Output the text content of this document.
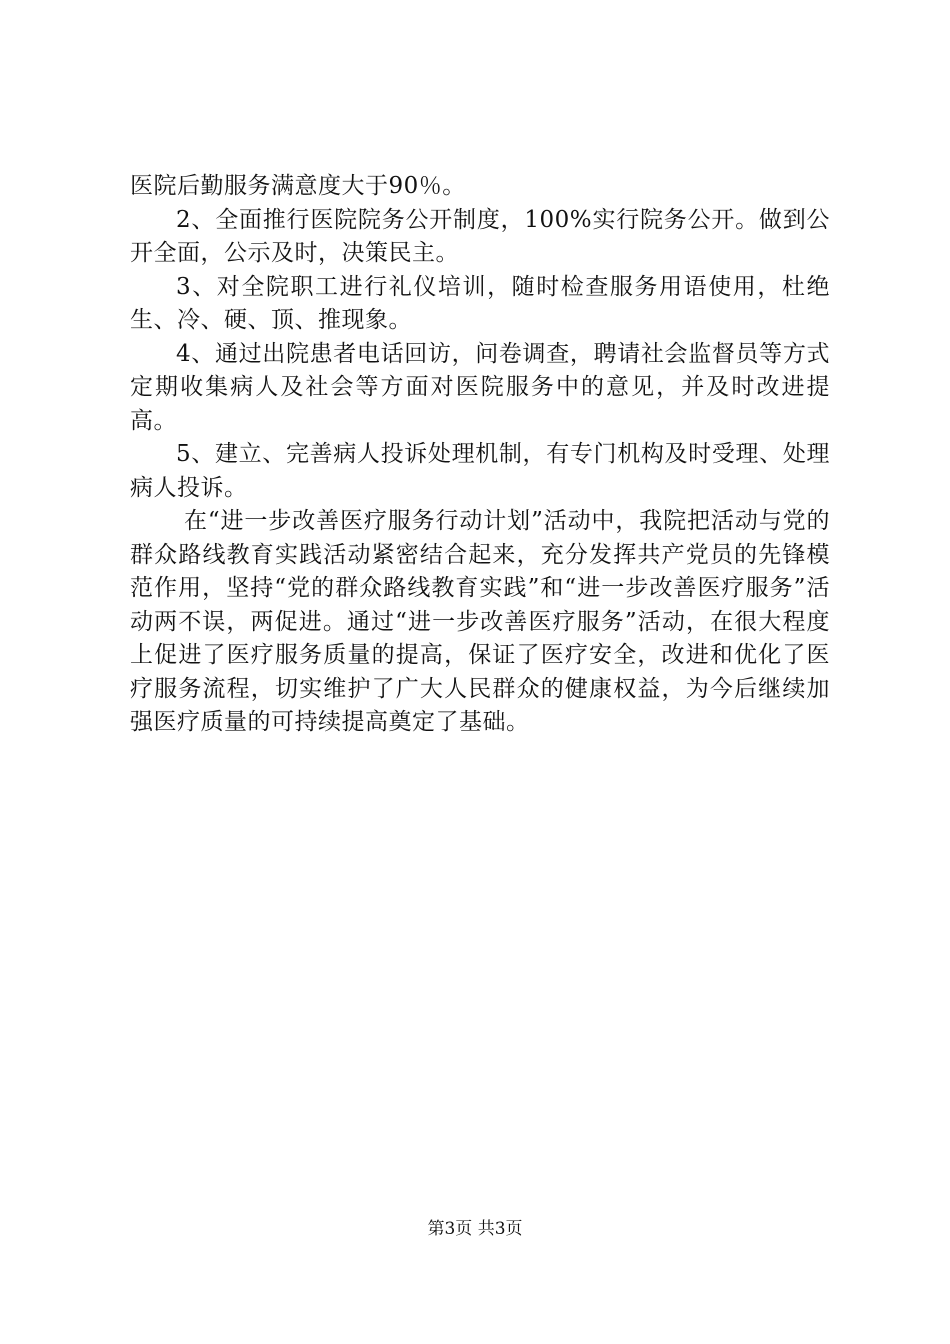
医院后勤服务满意度大于90％。

2、全面推行医院院务公开制度，100%实行院务公开。做到公开全面，公示及时，决策民主。

3、对全院职工进行礼仪培训，随时检查服务用语使用，杜绝生、冷、硬、顶、推现象。

4、通过出院患者电话回访，问卷调查，聘请社会监督员等方式定期收集病人及社会等方面对医院服务中的意见，并及时改进提高。

5、建立、完善病人投诉处理机制，有专门机构及时受理、处理病人投诉。

在“进一步改善医疗服务行动计划”活动中，我院把活动与党的群众路线教育实践活动紧密结合起来，充分发挥共产党员的先锋模范作用，坚持“党的群众路线教育实践”和“进一步改善医疗服务”活动两不误，两促进。通过“进一步改善医疗服务”活动，在很大程度上促进了医疗服务质量的提高，保证了医疗安全，改进和优化了医疗服务流程，切实维护了广大人民群众的健康权益，为今后继续加强医疗质量的可持续提高奠定了基础。

第3页 共3页
